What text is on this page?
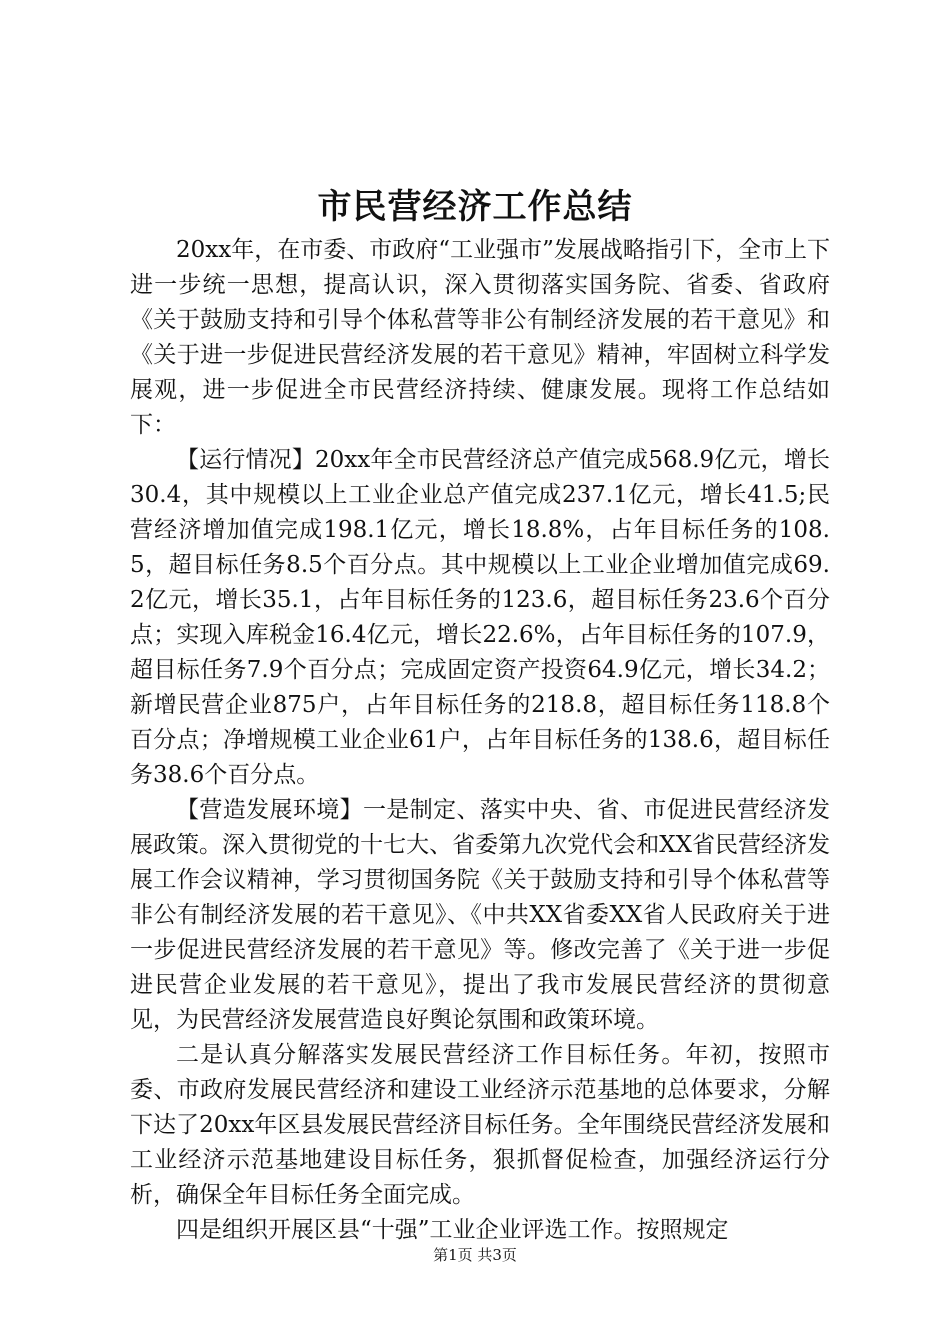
市民营经济工作总结

20xx年，在市委、市政府“工业强市”发展战略指引下，全市上下进一步统一思想，提高认识，深入贯彻落实国务院、省委、省政府《关于鼓励支持和引导个体私营等非公有制经济发展的若干意见》和《关于进一步促进民营经济发展的若干意见》精神，牢固树立科学发展观，进一步促进全市民营经济持续、健康发展。现将工作总结如下：

【运行情况】20xx年全市民营经济总产值完成568.9亿元，增长30.4，其中规模以上工业企业总产值完成237.1亿元，增长41.5;民营经济增加值完成198.1亿元，增长18.8%，占年目标任务的108.5，超目标任务8.5个百分点。其中规模以上工业企业增加值完成69.2亿元，增长35.1，占年目标任务的123.6，超目标任务23.6个百分点；实现入库税金16.4亿元，增长22.6%，占年目标任务的107.9，超目标任务7.9个百分点；完成固定资产投资64.9亿元，增长34.2；新增民营企业875户，占年目标任务的218.8，超目标任务118.8个百分点；净增规模工业企业61户，占年目标任务的138.6，超目标任务38.6个百分点。

【营造发展环境】一是制定、落实中央、省、市促进民营经济发展政策。深入贯彻党的十七大、省委第九次党代会和XX省民营经济发展工作会议精神，学习贯彻国务院《关于鼓励支持和引导个体私营等非公有制经济发展的若干意见》、《中共XX省委XX省人民政府关于进一步促进民营经济发展的若干意见》等。修改完善了《关于进一步促进民营企业发展的若干意见》，提出了我市发展民营经济的贯彻意见，为民营经济发展营造良好舆论氛围和政策环境。

二是认真分解落实发展民营经济工作目标任务。年初，按照市委、市政府发展民营经济和建设工业经济示范基地的总体要求，分解下达了20xx年区县发展民营经济目标任务。全年围绕民营经济发展和工业经济示范基地建设目标任务，狠抓督促检查，加强经济运行分析，确保全年目标任务全面完成。

四是组织开展区县“十强”工业企业评选工作。按照规定

第1页 共3页
